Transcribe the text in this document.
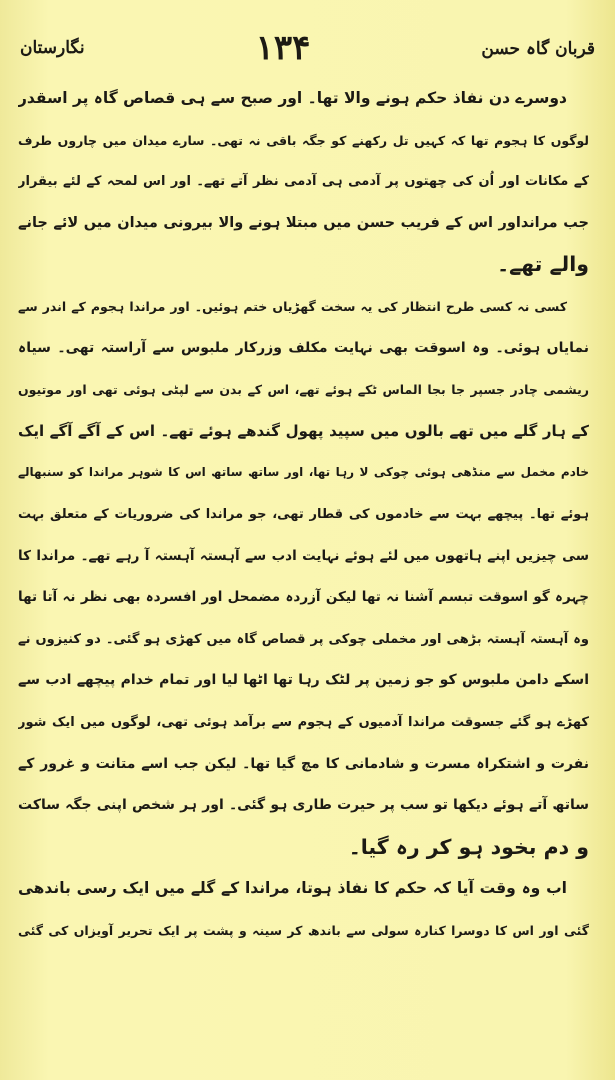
نگارستان	۱۳۴	قربان گاہ حسن
دوسرے دن نفاذ حکم ہونے والا تھا۔ اور صبح سے ہی قصاص گاہ پر اسقدر
لوگوں کا ہجوم تھا کہ کہیں تل رکھنے کو جگہ باقی نہ تھی۔ سارے میدان میں چاروں طرف
کے مکانات اور اُن کی چھتوں پر آدمی ہی آدمی نظر آتے تھے۔ اور اس لمحہ کے لئے بیقرار
جب مرانداور اس کے فریب حسن میں مبتلا ہونے والا بیرونی میدان میں لائے جانے
والے تھے۔
کسی نہ کسی طرح انتظار کی یہ سخت گھڑیاں ختم ہوئیں۔ اور مراندا ہجوم کے اندر سے
نمایاں ہوئی۔ وہ اسوقت بھی نہایت مکلف وزرکار ملبوس سے آراستہ تھی۔ سیاہ
ریشمی چادر جسپر جا بجا الماس ٹکے ہوئے تھے، اس کے بدن سے لپٹی ہوئی تھی اور موتیوں
کے ہار گلے میں تھے بالوں میں سپید پھول گندھے ہوئے تھے۔ اس کے آگے آگے ایک
خادم مخمل سے منڈھی ہوئی چوکی لا رہا تھا، اور ساتھ ساتھ اس کا شوہر مراندا کو سنبھالے
ہوئے تھا۔ پیچھے بہت سے خادموں کی قطار تھی، جو مراندا کی ضروریات کے متعلق بہت
سی چیزیں اپنے ہاتھوں میں لئے ہوئے نہایت ادب سے آہستہ آہستہ آ رہے تھے۔ مراندا کا
چہرہ گو اسوقت تبسم آشنا نہ تھا لیکن آزردہ مضمحل اور افسردہ بھی نظر نہ آتا تھا
وہ آہستہ آہستہ بڑھی اور مخملی چوکی پر قصاص گاہ میں کھڑی ہو گئی۔ دو کنیزوں نے
اسکے دامن ملبوس کو جو زمین پر لٹک رہا تھا اٹھا لیا اور تمام خدام پیچھے ادب سے
کھڑے ہو گئے جسوقت مراندا آدمیوں کے ہجوم سے برآمد ہوئی تھی، لوگوں میں ایک شور
نفرت و اشتکراہ مسرت و شادمانی کا مچ گیا تھا۔ لیکن جب اسے متانت و غرور کے
ساتھ آتے ہوئے دیکھا تو سب پر حیرت طاری ہو گئی۔ اور ہر شخص اپنی جگہ ساکت
و دم بخود ہو کر رہ گیا۔
اب وہ وقت آیا کہ حکم کا نفاذ ہوتا، مراندا کے گلے میں ایک رسی باندھی
گئی اور اس کا دوسرا کنارہ سولی سے باندھ کر سینہ و پشت پر ایک تحریر آویزاں کی گئی
